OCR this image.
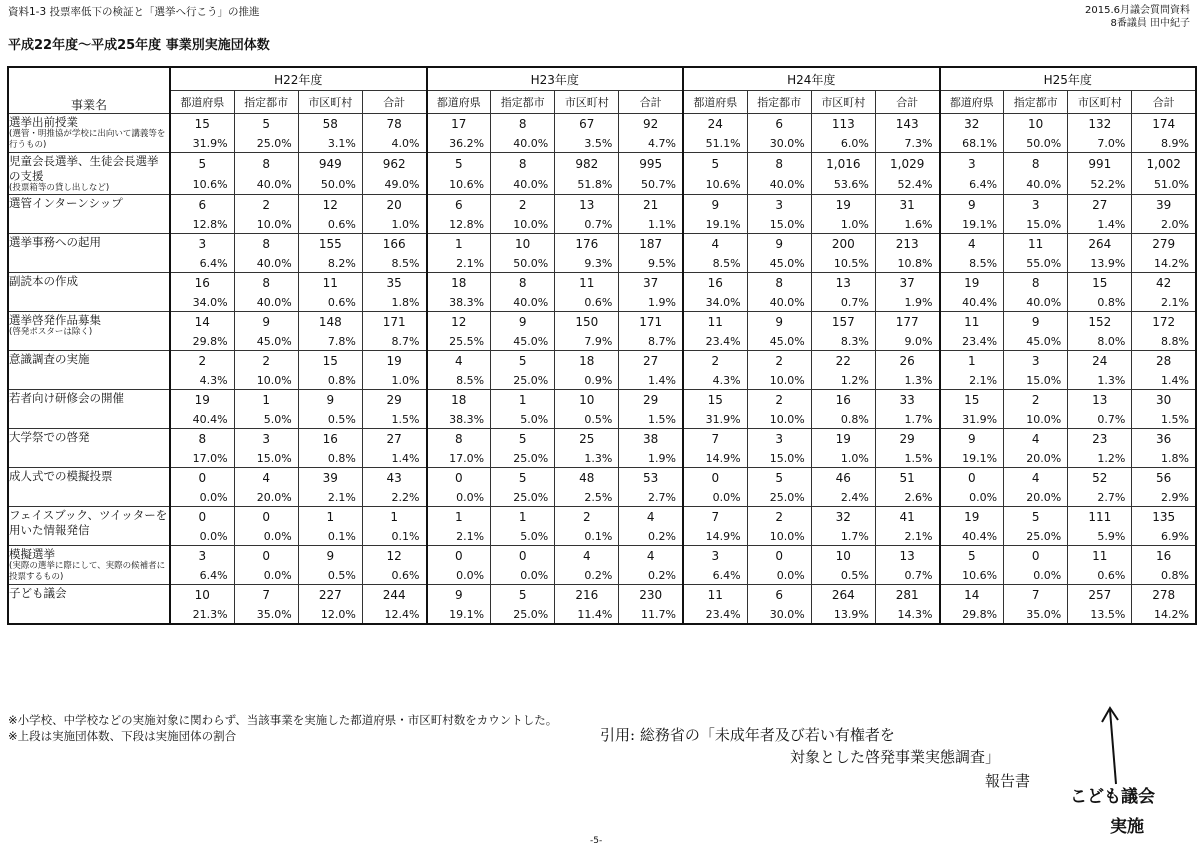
資料1-3 投票率低下の検証と「選挙へ行こう」の推進	2015.6月議会質問資料
8番議員 田中紀子
平成22年度～平成25年度 事業別実施団体数
事業名	H22年度				H23年度				H24年度				H25年度			
	都道府県	指定都市	市区町村	合計	都道府県	指定都市	市区町村	合計	都道府県	指定都市	市区町村	合計	都道府県	指定都市	市区町村	合計
選挙出前授業
(選管・明推協が学校に出向いて講義等を行うもの)	15	5	58	78	17	8	67	92	24	6	113	143	32	10	132	174
	31.9%	25.0%	3.1%	4.0%	36.2%	40.0%	3.5%	4.7%	51.1%	30.0%	6.0%	7.3%	68.1%	50.0%	7.0%	8.9%
児童会長選挙、生徒会長選挙の支援
(投票箱等の貸し出しなど)	5	8	949	962	5	8	982	995	5	8	1,016	1,029	3	8	991	1,002
	10.6%	40.0%	50.0%	49.0%	10.6%	40.0%	51.8%	50.7%	10.6%	40.0%	53.6%	52.4%	6.4%	40.0%	52.2%	51.0%
選管インターンシップ	6	2	12	20	6	2	13	21	9	3	19	31	9	3	27	39
	12.8%	10.0%	0.6%	1.0%	12.8%	10.0%	0.7%	1.1%	19.1%	15.0%	1.0%	1.6%	19.1%	15.0%	1.4%	2.0%
選挙事務への起用	3	8	155	166	1	10	176	187	4	9	200	213	4	11	264	279
	6.4%	40.0%	8.2%	8.5%	2.1%	50.0%	9.3%	9.5%	8.5%	45.0%	10.5%	10.8%	8.5%	55.0%	13.9%	14.2%
副読本の作成	16	8	11	35	18	8	11	37	16	8	13	37	19	8	15	42
	34.0%	40.0%	0.6%	1.8%	38.3%	40.0%	0.6%	1.9%	34.0%	40.0%	0.7%	1.9%	40.4%	40.0%	0.8%	2.1%
選挙啓発作品募集
(啓発ポスターは除く)	14	9	148	171	12	9	150	171	11	9	157	177	11	9	152	172
	29.8%	45.0%	7.8%	8.7%	25.5%	45.0%	7.9%	8.7%	23.4%	45.0%	8.3%	9.0%	23.4%	45.0%	8.0%	8.8%
意識調査の実施	2	2	15	19	4	5	18	27	2	2	22	26	1	3	24	28
	4.3%	10.0%	0.8%	1.0%	8.5%	25.0%	0.9%	1.4%	4.3%	10.0%	1.2%	1.3%	2.1%	15.0%	1.3%	1.4%
若者向け研修会の開催	19	1	9	29	18	1	10	29	15	2	16	33	15	2	13	30
	40.4%	5.0%	0.5%	1.5%	38.3%	5.0%	0.5%	1.5%	31.9%	10.0%	0.8%	1.7%	31.9%	10.0%	0.7%	1.5%
大学祭での啓発	8	3	16	27	8	5	25	38	7	3	19	29	9	4	23	36
	17.0%	15.0%	0.8%	1.4%	17.0%	25.0%	1.3%	1.9%	14.9%	15.0%	1.0%	1.5%	19.1%	20.0%	1.2%	1.8%
成人式での模擬投票	0	4	39	43	0	5	48	53	0	5	46	51	0	4	52	56
	0.0%	20.0%	2.1%	2.2%	0.0%	25.0%	2.5%	2.7%	0.0%	25.0%	2.4%	2.6%	0.0%	20.0%	2.7%	2.9%
フェイスブック、ツイッターを用いた情報発信	0	0	1	1	1	1	2	4	7	2	32	41	19	5	111	135
	0.0%	0.0%	0.1%	0.1%	2.1%	5.0%	0.1%	0.2%	14.9%	10.0%	1.7%	2.1%	40.4%	25.0%	5.9%	6.9%
模擬選挙
(実際の選挙に際にして、実際の候補者に投票するもの)	3	0	9	12	0	0	4	4	3	0	10	13	5	0	11	16
	6.4%	0.0%	0.5%	0.6%	0.0%	0.0%	0.2%	0.2%	6.4%	0.0%	0.5%	0.7%	10.6%	0.0%	0.6%	0.8%
子ども議会	10	7	227	244	9	5	216	230	11	6	264	281	14	7	257	278
	21.3%	35.0%	12.0%	12.4%	19.1%	25.0%	11.4%	11.7%	23.4%	30.0%	13.9%	14.3%	29.8%	35.0%	13.5%	14.2%
※小学校、中学校などの実施対象に関わらず、当該事業を実施した都道府県・市区町村数をカウントした。
※上段は実施団体数、下段は実施団体の割合	引用: 総務省の「未成年者及び若い有権者を
対象とした啓発事業実態調査」
報告書
こども議会
実施
-5-
